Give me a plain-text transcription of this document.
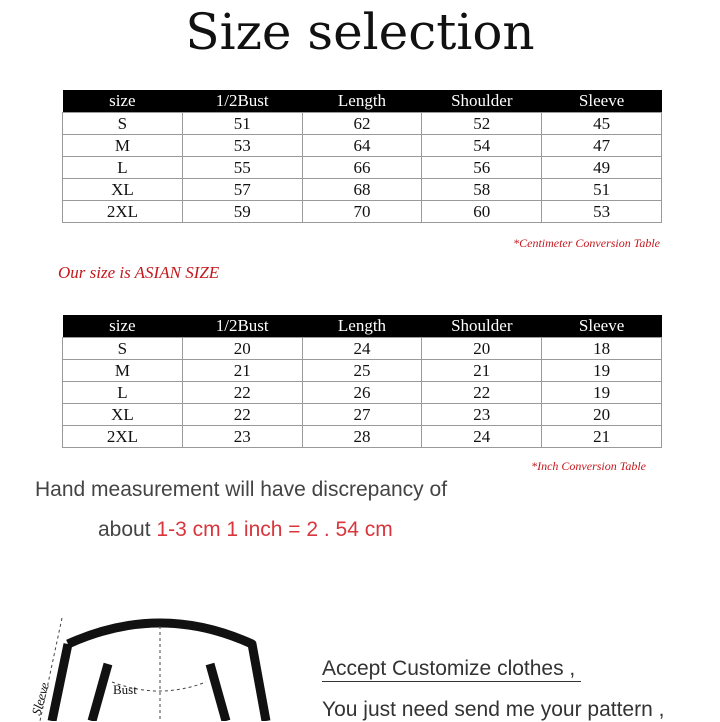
Size selection
size	1/2Bust	Length	Shoulder	Sleeve
S	51	62	52	45
M	53	64	54	47
L	55	66	56	49
XL	57	68	58	51
2XL	59	70	60	53
*Centimeter Conversion Table
Our size is ASIAN SIZE
size	1/2Bust	Length	Shoulder	Sleeve
S	20	24	20	18
M	21	25	21	19
L	22	26	22	19
XL	22	27	23	20
2XL	23	28	24	21
*Inch Conversion Table
Hand measurement will have discrepancy of
about 1-3 cm 1 inch = 2 . 54 cm
Bust
Sleeve
Accept Customize clothes ,
You just need send me your pattern ,
